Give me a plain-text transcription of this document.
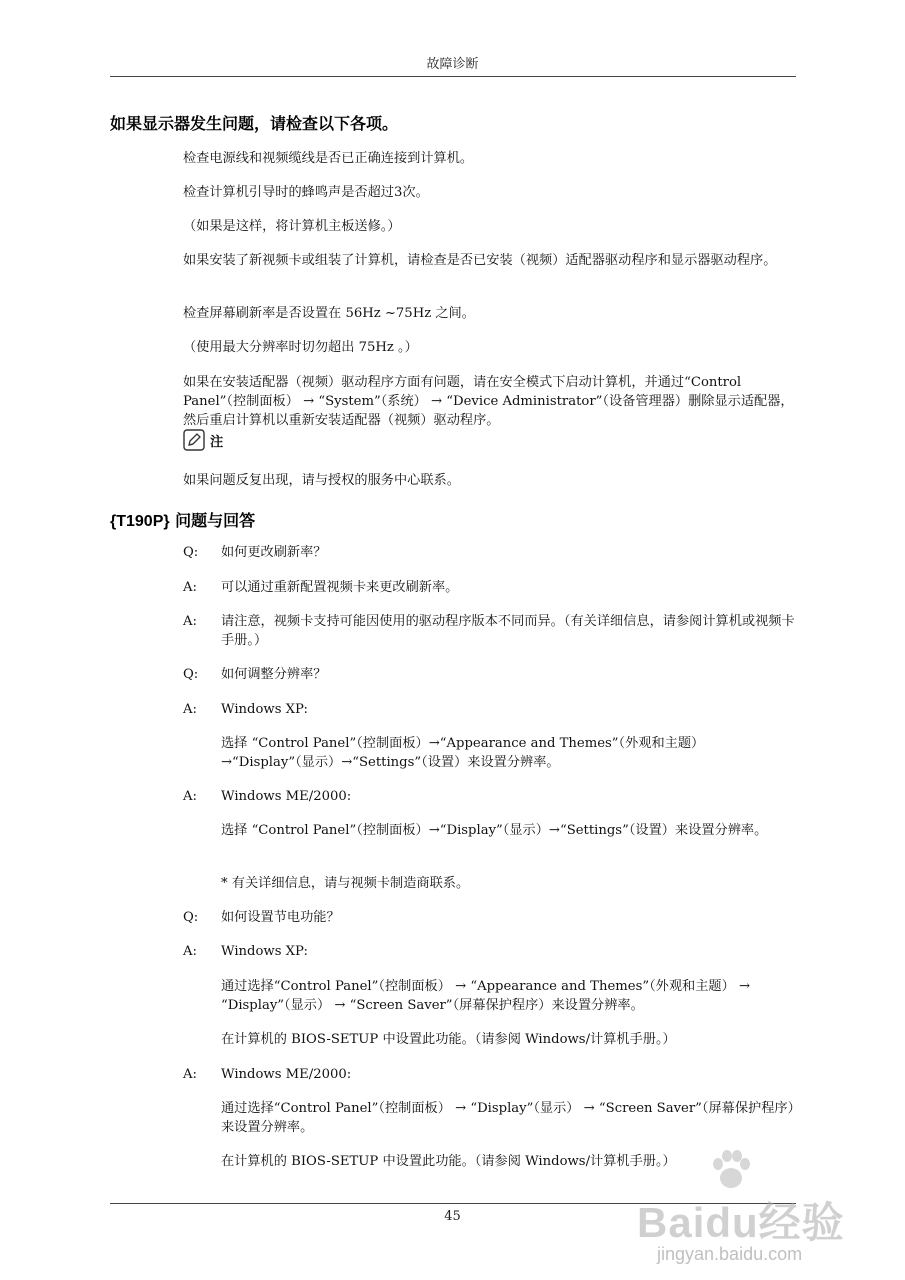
故障诊断
如果显示器发生问题，请检查以下各项。
检查电源线和视频缆线是否已正确连接到计算机。
检查计算机引导时的蜂鸣声是否超过3次。
（如果是这样，将计算机主板送修。）
如果安装了新视频卡或组装了计算机，请检查是否已安装（视频）适配器驱动程序和显示器驱动程序。
检查屏幕刷新率是否设置在 56Hz ~75Hz 之间。
（使用最大分辨率时切勿超出 75Hz 。）
如果在安装适配器（视频）驱动程序方面有问题，请在安全模式下启动计算机，并通过“Control Panel”（控制面板） → “System”（系统） → “Device Administrator”（设备管理器）删除显示适配器，然后重启计算机以重新安装适配器（视频）驱动程序。
注
如果问题反复出现，请与授权的服务中心联系。
{T190P} 问题与回答
Q: 如何更改刷新率？
A: 可以通过重新配置视频卡来更改刷新率。
A: 请注意，视频卡支持可能因使用的驱动程序版本不同而异。（有关详细信息，请参阅计算机或视频卡手册。）
Q: 如何调整分辨率？
A: Windows XP:
选择 “Control Panel”（控制面板）→“Appearance and Themes”（外观和主题）→“Display”（显示）→“Settings”（设置）来设置分辨率。
A: Windows ME/2000:
选择 “Control Panel”（控制面板）→“Display”（显示）→“Settings”（设置）来设置分辨率。
* 有关详细信息，请与视频卡制造商联系。
Q: 如何设置节电功能？
A: Windows XP:
通过选择“Control Panel”（控制面板） → “Appearance and Themes”（外观和主题） → “Display”（显示） → “Screen Saver”（屏幕保护程序）来设置分辨率。
在计算机的 BIOS-SETUP 中设置此功能。（请参阅 Windows/计算机手册。）
A: Windows ME/2000:
通过选择“Control Panel”（控制面板） → “Display”（显示） → “Screen Saver”（屏幕保护程序）来设置分辨率。
在计算机的 BIOS-SETUP 中设置此功能。（请参阅 Windows/计算机手册。）
45	Baidu经验
jingyan.baidu.com
